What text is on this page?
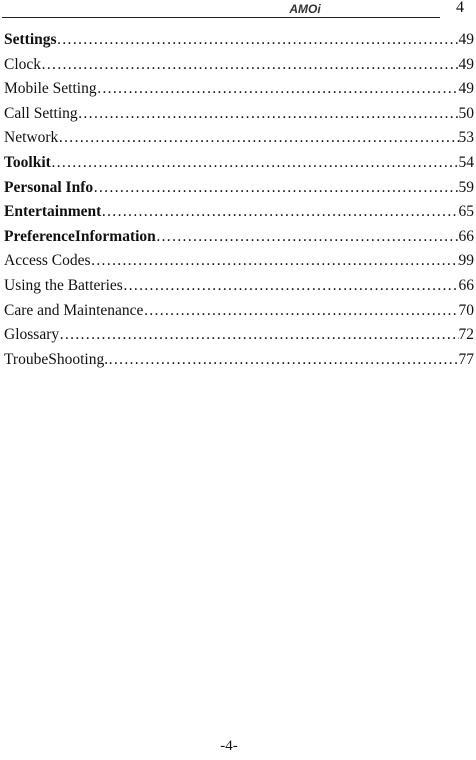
AMOi	4
Settings …………………………………………………………………………………………………………………………………………………………………	49
Clock …………………………………………………………………………………………………………………………………………………………………	49
Mobile Setting …………………………………………………………………………………………………………………………………………………………………	49
Call Setting …………………………………………………………………………………………………………………………………………………………………	50
Network …………………………………………………………………………………………………………………………………………………………………	53
Toolkit …………………………………………………………………………………………………………………………………………………………………	54
Personal Info …………………………………………………………………………………………………………………………………………………………………	59
Entertainment …………………………………………………………………………………………………………………………………………………………………	65
PreferenceInformation …………………………………………………………………………………………………………………………………………………………………	66
Access Codes …………………………………………………………………………………………………………………………………………………………………	99
Using the Batteries …………………………………………………………………………………………………………………………………………………………………	66
Care and Maintenance …………………………………………………………………………………………………………………………………………………………………	70
Glossary …………………………………………………………………………………………………………………………………………………………………	72
TroubeShooting. …………………………………………………………………………………………………………………………………………………………………	77
-4-
